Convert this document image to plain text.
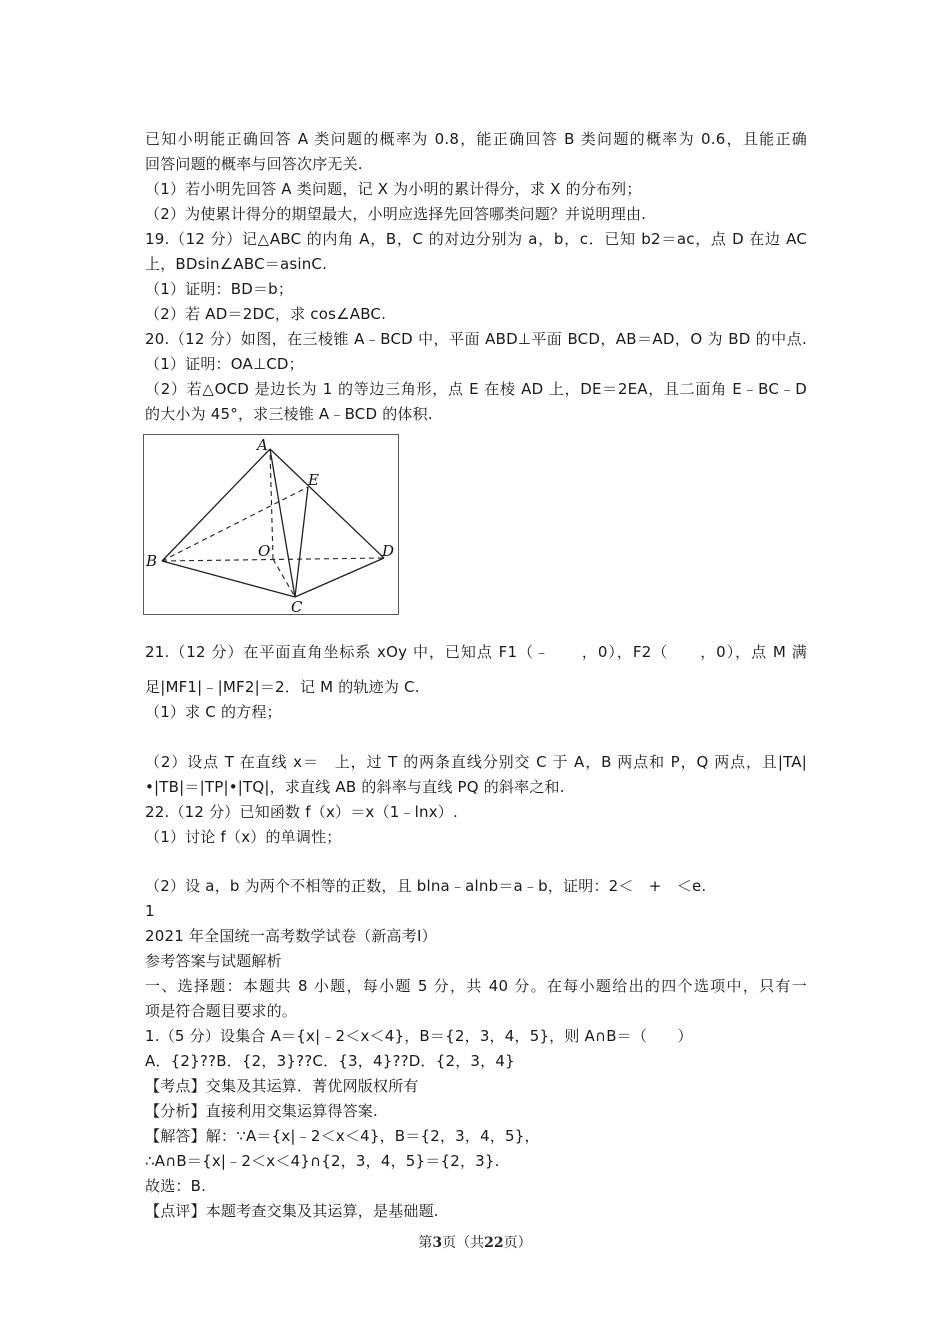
已知小明能正确回答 A 类问题的概率为 0.8，能正确回答 B 类问题的概率为 0.6，且能正确
回答问题的概率与回答次序无关.
（1）若小明先回答 A 类问题，记 X 为小明的累计得分，求 X 的分布列；
（2）为使累计得分的期望最大，小明应选择先回答哪类问题？并说明理由.
19.（12 分）记△ABC 的内角 A，B，C 的对边分别为 a，b，c．已知 b2＝ac，点 D 在边 AC
上，BDsin∠ABC＝asinC.
（1）证明：BD＝b；
（2）若 AD＝2DC，求 cos∠ABC.
20.（12 分）如图，在三棱锥 A﹣BCD 中，平面 ABD⊥平面 BCD，AB＝AD，O 为 BD 的中点.
（1）证明：OA⊥CD；
（2）若△OCD 是边长为 1 的等边三角形，点 E 在棱 AD 上，DE＝2EA，且二面角 E﹣BC﹣D
的大小为 45°，求三棱锥 A﹣BCD 的体积.
A
B
C
D
E
O
21.（12 分）在平面直角坐标系 xOy 中，已知点 F1（﹣　　，0），F2（　　，0），点 M 满
足|MF1|﹣|MF2|＝2．记 M 的轨迹为 C.
（1）求 C 的方程；
（2）设点 T 在直线 x＝　上，过 T 的两条直线分别交 C 于 A，B 两点和 P，Q 两点，且|TA|
•|TB|＝|TP|•|TQ|，求直线 AB 的斜率与直线 PQ 的斜率之和.
22.（12 分）已知函数 f（x）＝x（1﹣lnx）.
（1）讨论 f（x）的单调性；
（2）设 a，b 为两个不相等的正数，且 blna﹣alnb＝a﹣b，证明：2＜　+　＜e.
1
2021 年全国统一高考数学试卷（新高考Ⅰ）
参考答案与试题解析
一、选择题：本题共 8 小题，每小题 5 分，共 40 分。在每小题给出的四个选项中，只有一
项是符合题目要求的。
1.（5 分）设集合 A＝{x|﹣2＜x＜4}，B＝{2，3，4，5}，则 A∩B＝（　　）
A．{2}??B．{2，3}??C．{3，4}??D．{2，3，4}
【考点】交集及其运算．菁优网版权所有
【分析】直接利用交集运算得答案.
【解答】解：∵A＝{x|﹣2＜x＜4}，B＝{2，3，4，5}，
∴A∩B＝{x|﹣2＜x＜4}∩{2，3，4，5}＝{2，3}.
故选：B.
【点评】本题考查交集及其运算，是基础题.
第3页（共22页）
